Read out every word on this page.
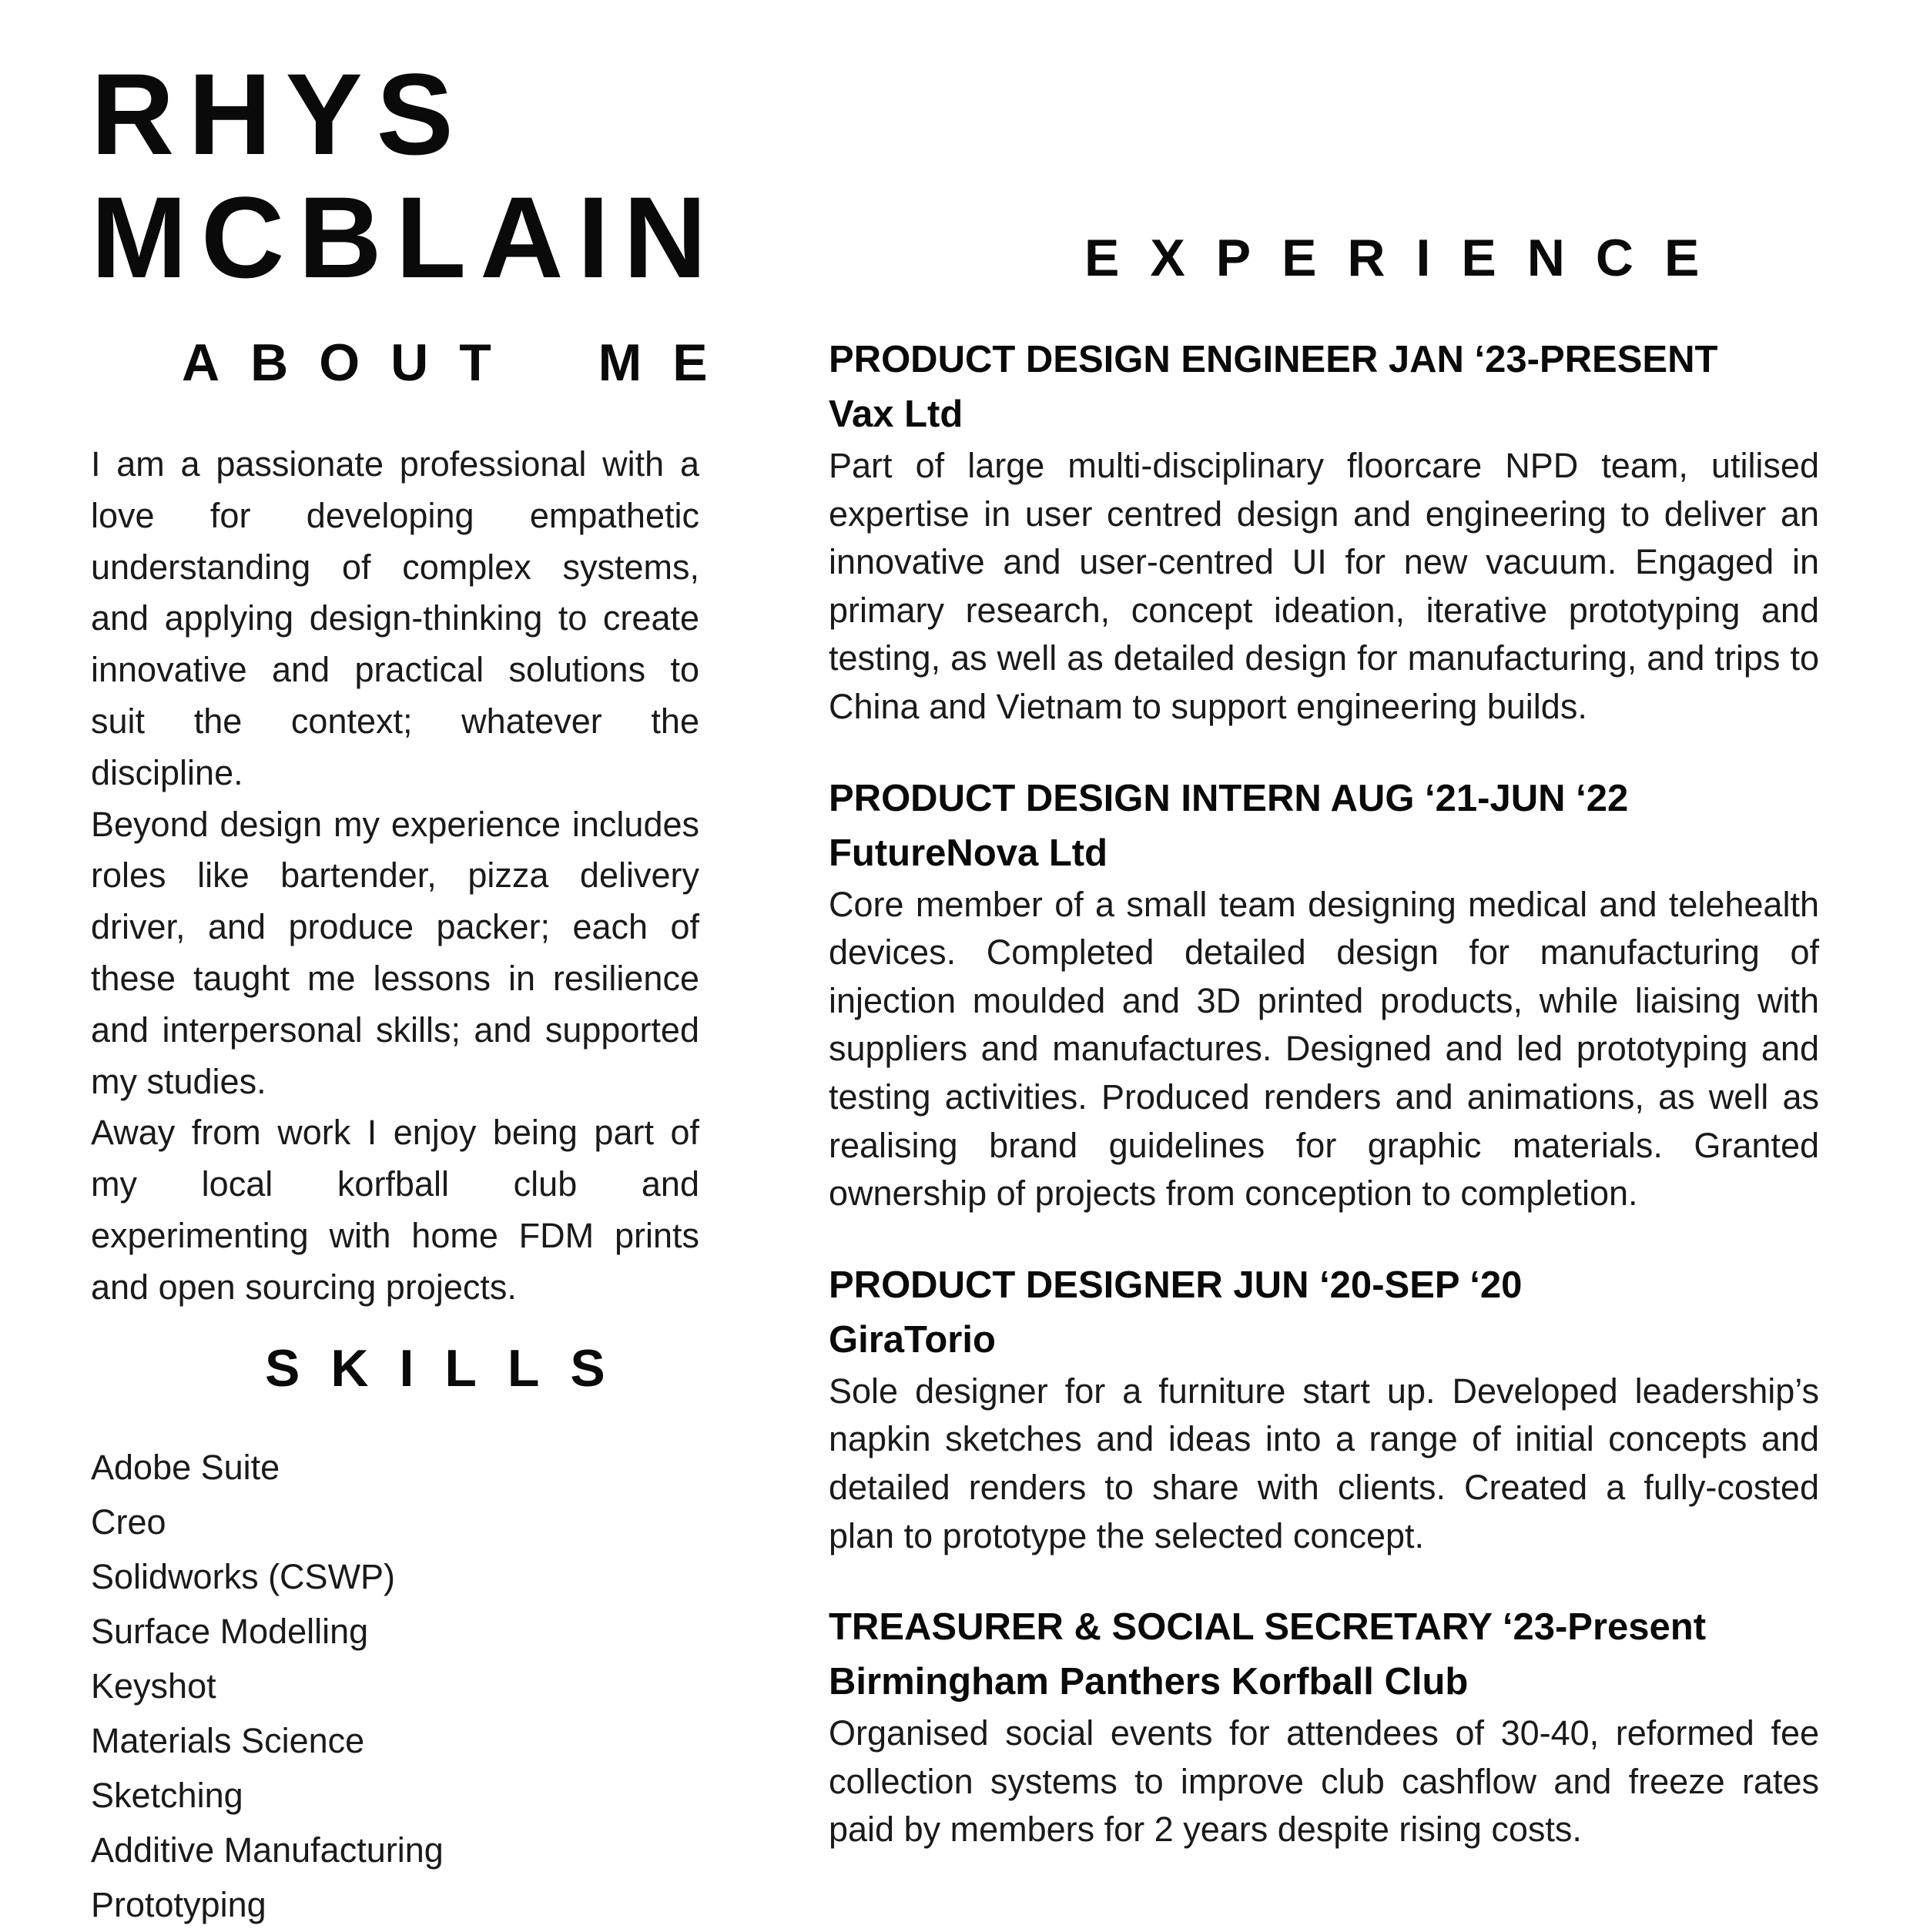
RHYS
MCBLAIN
ABOUT ME

I am a passionate professional with a love for developing empathetic understanding of complex systems, and applying design-thinking to create innovative and practical solutions to suit the context; whatever the discipline.

Beyond design my experience includes roles like bartender, pizza delivery driver, and produce packer; each of these taught me lessons in resilience and interpersonal skills; and supported my studies.

Away from work I enjoy being part of my local korfball club and experimenting with home FDM prints and open sourcing projects.

SKILLS
Adobe Suite
Creo
Solidworks (CSWP)
Surface Modelling
Keyshot
Materials Science
Sketching
Additive Manufacturing
Prototyping
EXPERIENCE

PRODUCT DESIGN ENGINEER JAN ‘23-PRESENT

Vax Ltd

Part of large multi-disciplinary floorcare NPD team, utilised expertise in user centred design and engineering to deliver an innovative and user-centred UI for new vacuum. Engaged in primary research, concept ideation, iterative prototyping and testing, as well as detailed design for manufacturing, and trips to China and Vietnam to support engineering builds.

PRODUCT DESIGN INTERN AUG ‘21-JUN ‘22

FutureNova Ltd

Core member of a small team designing medical and telehealth devices. Completed detailed design for manufacturing of injection moulded and 3D printed products, while liaising with suppliers and manufactures. Designed and led prototyping and testing activities. Produced renders and animations, as well as realising brand guidelines for graphic materials. Granted ownership of projects from conception to completion.

PRODUCT DESIGNER JUN ‘20-SEP ‘20

GiraTorio

Sole designer for a furniture start up. Developed leadership’s napkin sketches and ideas into a range of initial concepts and detailed renders to share with clients. Created a fully-costed plan to prototype the selected concept.

TREASURER & SOCIAL SECRETARY ‘23-Present

Birmingham Panthers Korfball Club

Organised social events for attendees of 30-40, reformed fee collection systems to improve club cashflow and freeze rates paid by members for 2 years despite rising costs.
